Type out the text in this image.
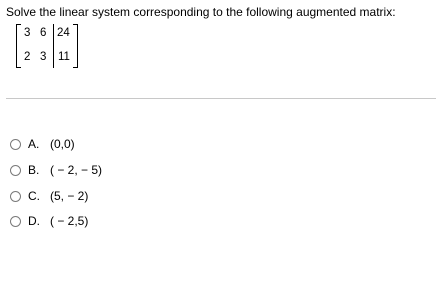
Solve the linear system corresponding to the following augmented matrix:
3 6 24
2 3 11
A. (0,0)
B. ( − 2, − 5)
C. (5, − 2)
D. ( − 2,5)
